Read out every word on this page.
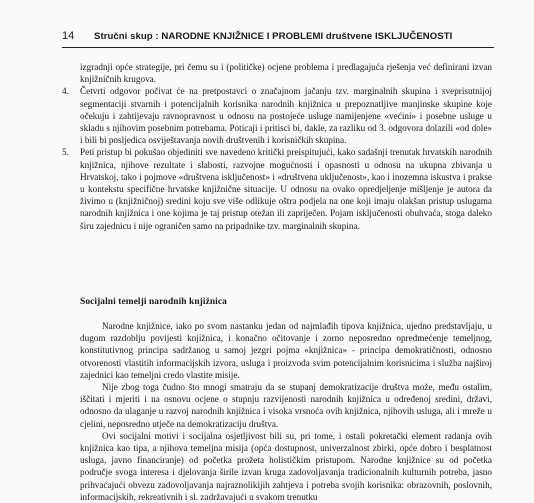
14	Stručni skup : NARODNE KNJIŽNICE I PROBLEMI društvene ISKLJUČENOSTI
izgradnji opće strategije, pri čemu su i (političke) ocjene problema i predlagajuća rješenja već definirani izvan knjižničnih krugova.
4. Četvrti odgovor počivat će na pretpostavci o značajnom jačanju tzv. marginalnih skupina i sveprisutnijoj segmentaciji stvarnih i potencijalnih korisnika narodnih knjižnica u prepoznatljive manjinske skupine koje očekuju i zahtijevaju ravnopravnost u odnosu na postojeće usluge namijenjene «većini» i posebne usluge u skladu s njihovim posebnim potrebama. Poticaji i pritisci bi, dakle, za razliku od 3. odgovora dolazili «od dole» i bili bi posljedica osviještavanja novih društvenih i korisničkih skupina.
5. Peti pristup bi pokušao objediniti sve navedeno kritički preispitujući, kako sadašnji trenutak hrvatskih narodnih knjižnica, njihove rezultate i slabosti, razvojne mogućnosti i opasnosti u odnosu na ukupna zbivanja u Hrvatskoj, tako i pojmove «društvena isključenost» i «društvena uključenost», kao i inozemna iskustva i prakse u kontekstu specifične hrvatske knjižnične situacije. U odnosu na ovako opredjeljenje mišljenje je autora da živimo u (knjižničnoj) sredini koju sve više odlikuje oštra podjela na one koji imaju olakšan pristup uslugama narodnih knjižnica i one kojima je taj pristup otežan ili zapriječen. Pojam isključenosti obuhvaća, stoga daleko širu zajednicu i nije ograničen samo na pripadnike tzv. marginalnih skupina.
Socijalni temelji narodnih knjižnica
Narodne knjižnice, iako po svom nastanku jedan od najmlađih tipova knjižnica, ujedno predstavljaju, u dugom razdoblju povijesti knjižnica, i konačno očitovanje i zorno neposredno opredmećenje temeljnog, konstitutivnog principa sadržanog u samoj jezgri pojma «knjižnica» - principa demokratičnosti, odnosno otvorenosti vlastitih informacijskih izvora, usluga i proizvoda svim potencijalnim korisnicima i služba najširoj zajednici kao temeljni credo vlastite misije.
Nije zbog toga čudno što mnogi smatraju da se stupanj demokratizacije društva može, među ostalim, iščitati i mjeriti i na osnovu ocjene o stupnju razvijenosti narodnih knjižnica u određenoj sredini, državi, odnosno da ulaganje u razvoj narodnih knjižnica i visoka vrsnoća ovih knjižnica, njihovih usluga, ali i mreže u cjelini, neposredno utječe na demokratizaciju društva.
Ovi socijalni motivi i socijalna osjetljivost bili su, pri tome, i ostali pokretački element radanja ovih knjižnica kao tipa, a njihova temeljna misija (opća dostupnost, univerzalnost zbirki, opće dobro i besplatnost usluga, javno financiranje) od početka prožeta holističkim pristupom. Narodne knjižnice su od početka područje svoga interesa i djelovanja širile izvan kruga zadovoljavanja tradicionalnih kulturnih potreba, jasno prihvaćajući obvezu zadovoljavanja najraznolikijih zahtjeva i potreba svojih korisnika: obrazovnih, poslovnih, informacijskih, rekreativnih i sl. zadržavajući u svakom trenutku
